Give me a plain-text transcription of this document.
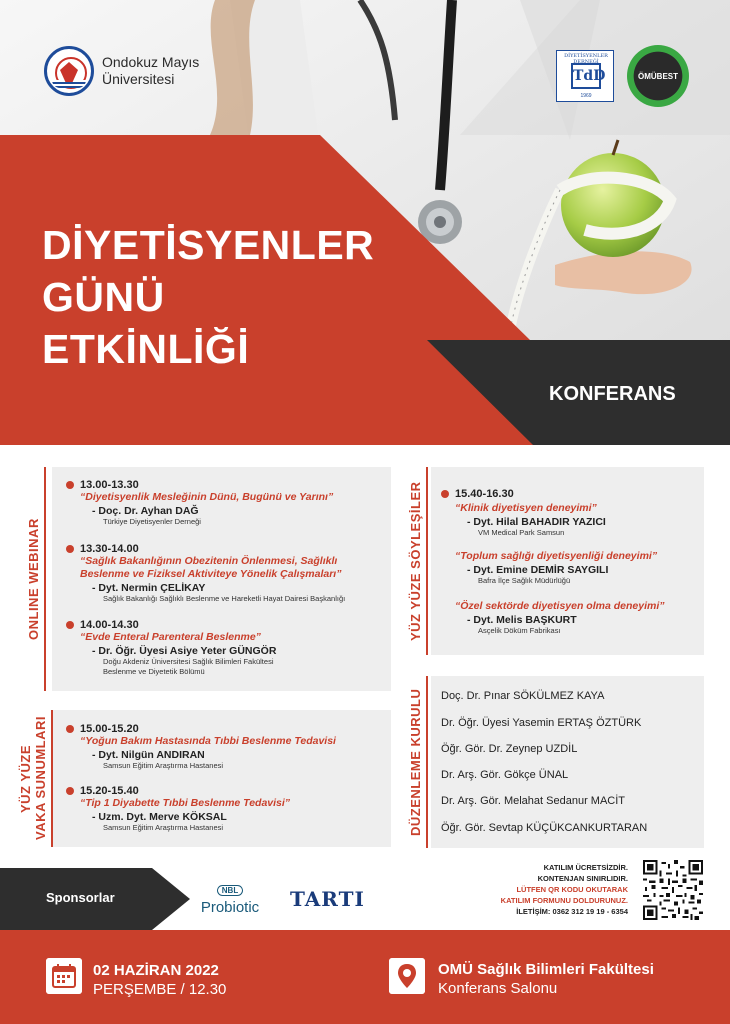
Ondokuz Mayıs
Üniversitesi
DİYETİSYENLER DERNEĞİ
TdD
1969
ÖMÜBEST
DİYETİSYENLER
GÜNÜ
ETKİNLİĞİ
KONFERANS
ONLINE WEBINAR
13.00-13.30
“Diyetisyenlik Mesleğinin Dünü, Bugünü ve Yarını”
- Doç. Dr. Ayhan DAĞ
Türkiye Diyetisyenler Derneği
13.30-14.00
“Sağlık Bakanlığının Obezitenin Önlenmesi, Sağlıklı
Beslenme ve Fiziksel Aktiviteye Yönelik Çalışmaları”
- Dyt. Nermin ÇELİKAY
Sağlık Bakanlığı Sağlıklı Beslenme ve Hareketli Hayat Dairesi Başkanlığı
14.00-14.30
“Evde Enteral Parenteral Beslenme”
- Dr. Öğr. Üyesi Asiye Yeter GÜNGÖR
Doğu Akdeniz Üniversitesi Sağlık Bilimleri Fakültesi
Beslenme ve Diyetetik Bölümü
YÜZ YÜZE
VAKA SUNUMLARI	15.00-15.20
“Yoğun Bakım Hastasında Tıbbi Beslenme Tedavisi
- Dyt. Nilgün ANDIRAN
Samsun Eğitim Araştırma Hastanesi
15.20-15.40
“Tip 1 Diyabette Tıbbi Beslenme Tedavisi”
- Uzm. Dyt. Merve KÖKSAL
Samsun Eğitim Araştırma Hastanesi
YÜZ YÜZE SÖYLEŞİLER	15.40-16.30
“Klinik diyetisyen deneyimi”
- Dyt. Hilal BAHADIR YAZICI
VM Medical Park Samsun
“Toplum sağlığı diyetisyenliği deneyimi”
- Dyt. Emine DEMİR SAYGILI
Bafra İlçe Sağlık Müdürlüğü
“Özel sektörde diyetisyen olma deneyimi”
- Dyt. Melis BAŞKURT
Asçelik Döküm Fabrikası
DÜZENLEME KURULU Doç. Dr. Pınar SÖKÜLMEZ KAYA
Dr. Öğr. Üyesi Yasemin ERTAŞ ÖZTÜRK
Öğr. Gör. Dr. Zeynep UZDİL
Dr. Arş. Gör. Gökçe ÜNAL
Dr. Arş. Gör. Melahat Sedanur MACİT
Öğr. Gör. Sevtap KÜÇÜKCANKURTARAN
Sponsorlar	NBL
Probiotic TARTI
KATILIM ÜCRETSİZDİR.
KONTENJAN SINIRLIDIR.
LÜTFEN QR KODU OKUTARAK
KATILIM FORMUNU DOLDURUNUZ.
İLETİŞİM: 0362 312 19 19 - 6354
02 HAZİRAN 2022
PERŞEMBE / 12.30
OMÜ Sağlık Bilimleri Fakültesi
Konferans Salonu
